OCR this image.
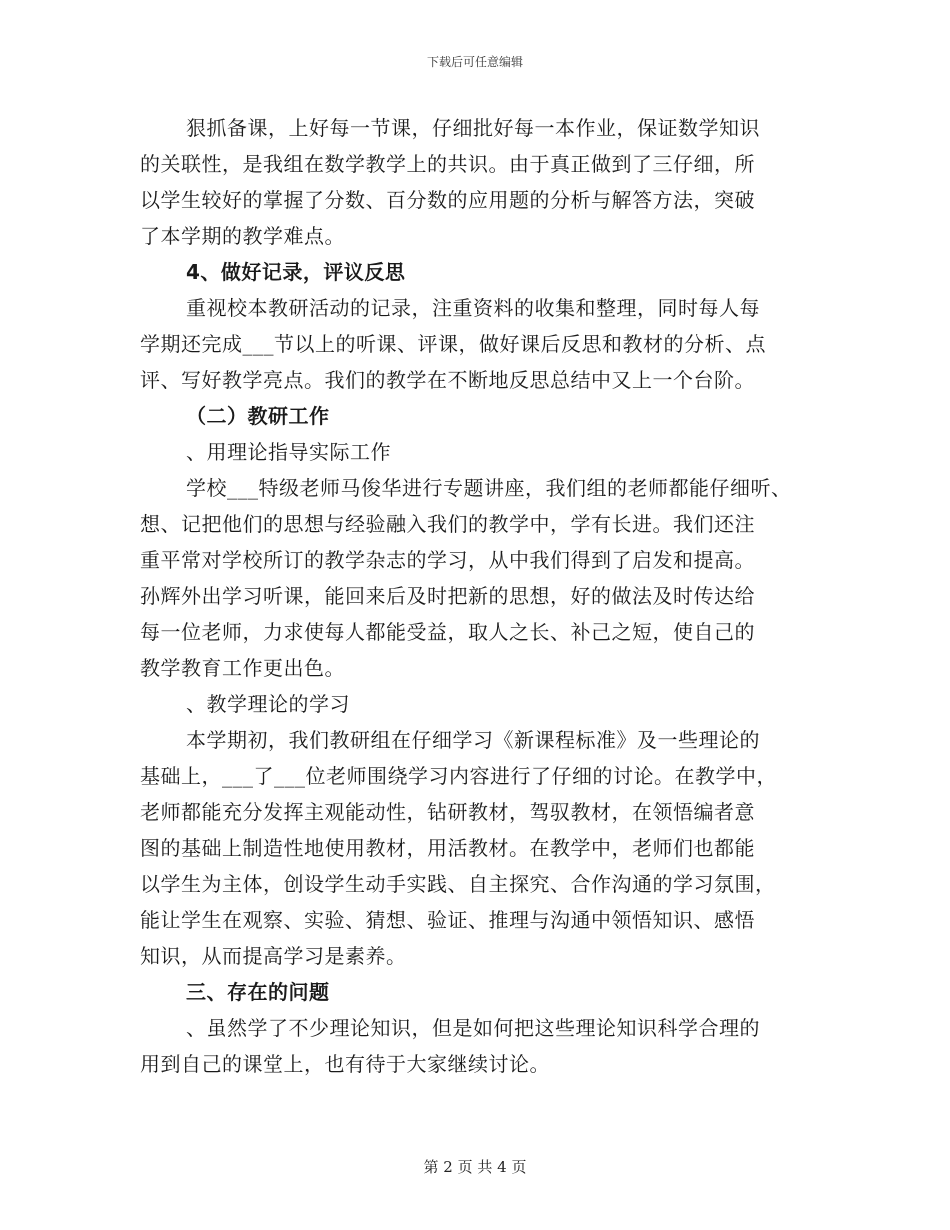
下载后可任意编辑
狠抓备课，上好每一节课，仔细批好每一本作业，保证数学知识
的关联性，是我组在数学教学上的共识。由于真正做到了三仔细，所
以学生较好的掌握了分数、百分数的应用题的分析与解答方法，突破
了本学期的教学难点。
4、做好记录，评议反思
重视校本教研活动的记录，注重资料的收集和整理，同时每人每
学期还完成___节以上的听课、评课，做好课后反思和教材的分析、点
评、写好教学亮点。我们的教学在不断地反思总结中又上一个台阶。
（二）教研工作
、用理论指导实际工作
学校___特级老师马俊华进行专题讲座，我们组的老师都能仔细听、
想、记把他们的思想与经验融入我们的教学中，学有长进。我们还注
重平常对学校所订的教学杂志的学习，从中我们得到了启发和提高。
孙辉外出学习听课，能回来后及时把新的思想，好的做法及时传达给
每一位老师，力求使每人都能受益，取人之长、补己之短，使自己的
教学教育工作更出色。
、教学理论的学习
本学期初，我们教研组在仔细学习《新课程标准》及一些理论的
基础上，___了___位老师围绕学习内容进行了仔细的讨论。在教学中，
老师都能充分发挥主观能动性，钻研教材，驾驭教材，在领悟编者意
图的基础上制造性地使用教材，用活教材。在教学中，老师们也都能
以学生为主体，创设学生动手实践、自主探究、合作沟通的学习氛围，
能让学生在观察、实验、猜想、验证、推理与沟通中领悟知识、感悟
知识，从而提高学习是素养。
三、存在的问题
、虽然学了不少理论知识，但是如何把这些理论知识科学合理的
用到自己的课堂上，也有待于大家继续讨论。
第 2 页 共 4 页
